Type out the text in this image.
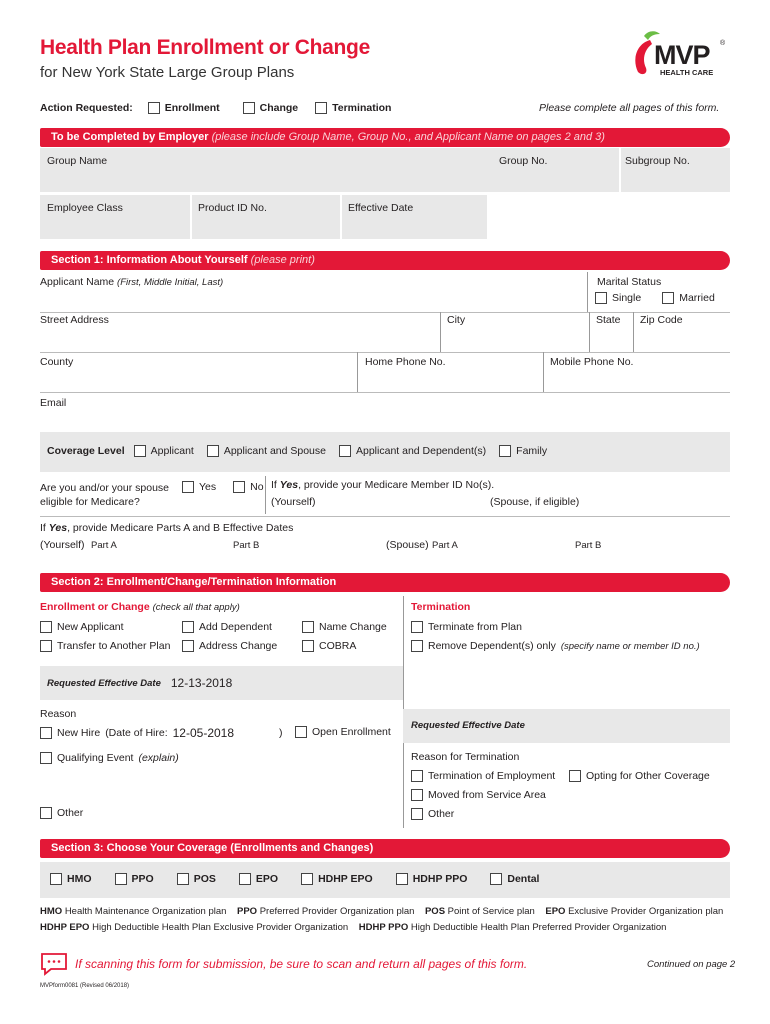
Health Plan Enrollment or Change
for New York State Large Group Plans
MVP ®
HEALTH CARE
Action Requested:	Enrollment	Change	Termination	Please complete all pages of this form.
To be Completed by Employer (please include Group Name, Group No., and Applicant Name on pages 2 and 3)
Group Name	Group No.	Subgroup No.
Employee Class	Product ID No.	Effective Date
Section 1: Information About Yourself (please print)
Applicant Name (First, Middle Initial, Last)	Marital Status
Single	Married
Street Address	City	State Zip Code
County	Home Phone No.	Mobile Phone No.
Email
Coverage Level Applicant	Applicant and Spouse	Applicant and Dependent(s)	Family
Are you and/or your spouse
eligible for Medicare?
Yes	No If Yes, provide your Medicare Member ID No(s).
(Yourself)	(Spouse, if eligible)
If Yes, provide Medicare Parts A and B Effective Dates
(Yourself) Part A	Part B	(Spouse) Part A	Part B
Section 2: Enrollment/Change/Termination Information
Enrollment or Change (check all that apply)
New Applicant	Add Dependent	Name Change
Transfer to Another Plan	Address Change	COBRA
Requested Effective Date 12-13-2018
Reason
New Hire (Date of Hire: 12-05-2018	)	Open Enrollment
Qualifying Event (explain)
Other
Termination
Terminate from Plan
Remove Dependent(s) only (specify name or member ID no.)
Requested Effective Date
Reason for Termination
Termination of Employment	Opting for Other Coverage
Moved from Service Area
Other
Section 3: Choose Your Coverage (Enrollments and Changes)
HMO	PPO	POS	EPO	HDHP EPO	HDHP PPO	Dental
HMO Health Maintenance Organization plan PPO Preferred Provider Organization plan POS Point of Service plan EPO Exclusive Provider Organization plan
HDHP EPO High Deductible Health Plan Exclusive Provider Organization HDHP PPO High Deductible Health Plan Preferred Provider Organization
If scanning this form for submission, be sure to scan and return all pages of this form.	Continued on page 2
MVPform0081 (Revised 06/2018)
